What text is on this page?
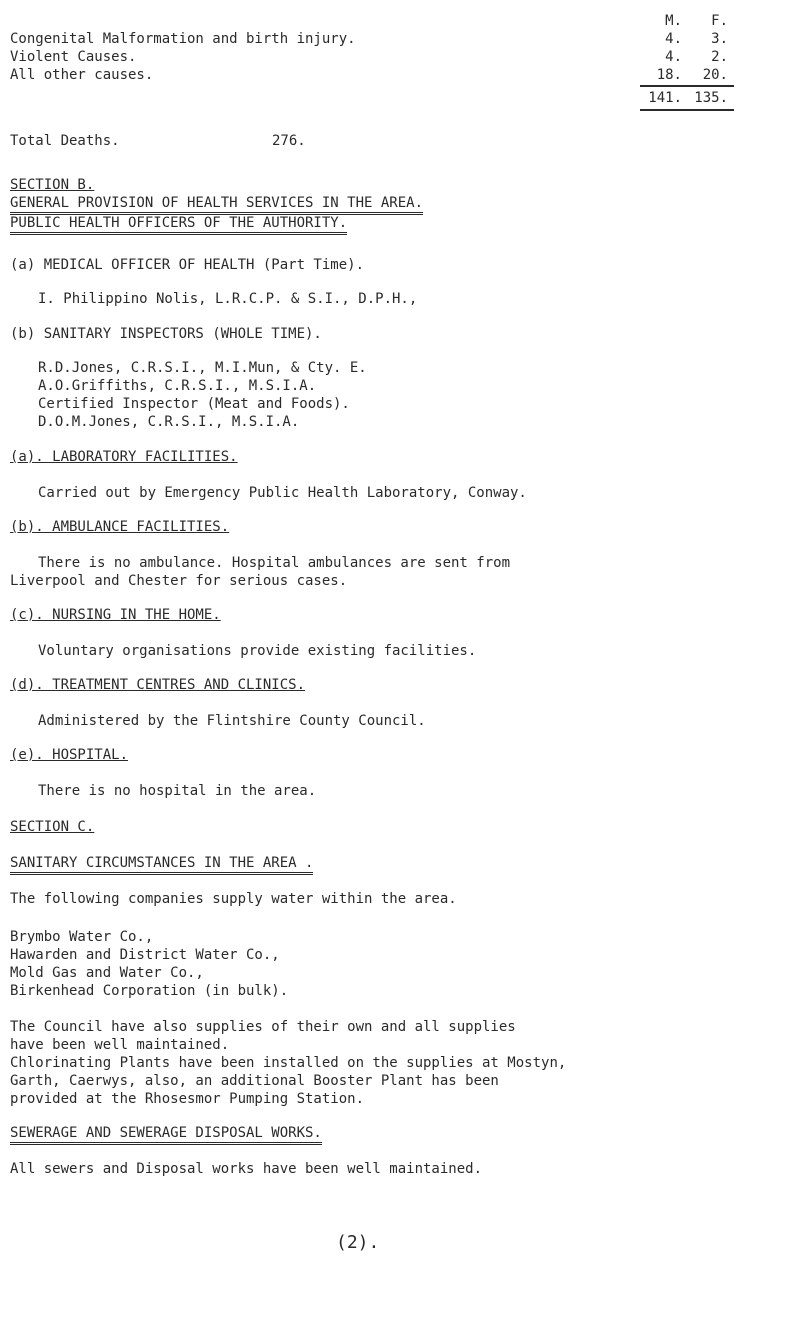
M.	F.
Congenital Malformation and birth injury.	4.	3.
Violent Causes.	4.	2.
All other causes.	18.	20.
141. 135.
Total Deaths.	276.
SECTION B.
GENERAL PROVISION OF HEALTH SERVICES IN THE AREA.
PUBLIC HEALTH OFFICERS OF THE AUTHORITY.
(a) MEDICAL OFFICER OF HEALTH (Part Time).
I. Philippino Nolis, L.R.C.P. & S.I., D.P.H.,
(b) SANITARY INSPECTORS (WHOLE TIME).
R.D.Jones, C.R.S.I., M.I.Mun, & Cty. E.
A.O.Griffiths, C.R.S.I., M.S.I.A.
Certified Inspector (Meat and Foods).
D.O.M.Jones, C.R.S.I., M.S.I.A.
(a). LABORATORY FACILITIES.
Carried out by Emergency Public Health Laboratory, Conway.
(b). AMBULANCE FACILITIES.
There is no ambulance. Hospital ambulances are sent from
Liverpool and Chester for serious cases.
(c). NURSING IN THE HOME.
Voluntary organisations provide existing facilities.
(d). TREATMENT CENTRES AND CLINICS.
Administered by the Flintshire County Council.
(e). HOSPITAL.
There is no hospital in the area.
SECTION C.
SANITARY CIRCUMSTANCES IN THE AREA .
The following companies supply water within the area.
Brymbo Water Co.,
Hawarden and District Water Co.,
Mold Gas and Water Co.,
Birkenhead Corporation (in bulk).
The Council have also supplies of their own and all supplies
have been well maintained.
Chlorinating Plants have been installed on the supplies at Mostyn,
Garth, Caerwys, also, an additional Booster Plant has been
provided at the Rhosesmor Pumping Station.
SEWERAGE AND SEWERAGE DISPOSAL WORKS.
All sewers and Disposal works have been well maintained.
(2).
